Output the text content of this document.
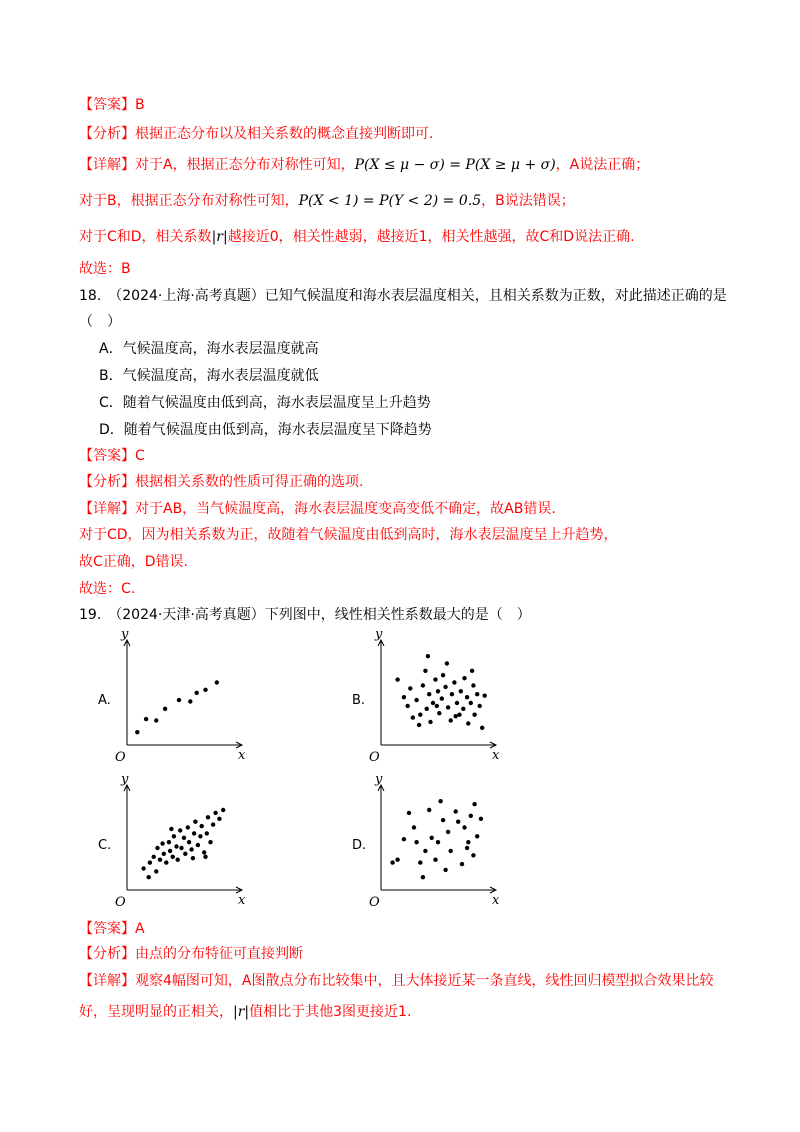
【答案】B
【分析】根据正态分布以及相关系数的概念直接判断即可.
【详解】对于A，根据正态分布对称性可知，P(X ≤ μ − σ) = P(X ≥ μ + σ)，A说法正确；
对于B，根据正态分布对称性可知，P(X < 1) = P(Y < 2) = 0.5，B说法错误；
对于C和D，相关系数|r|越接近0，相关性越弱，越接近1，相关性越强，故C和D说法正确.
故选：B
18.　（2024·上海·高考真题）已知气候温度和海水表层温度相关，且相关系数为正数，对此描述正确的是
（　）
A．气候温度高，海水表层温度就高
B．气候温度高，海水表层温度就低
C．随着气候温度由低到高，海水表层温度呈上升趋势
D．随着气候温度由低到高，海水表层温度呈下降趋势
【答案】C
【分析】根据相关系数的性质可得正确的选项.
【详解】对于AB，当气候温度高，海水表层温度变高变低不确定，故AB错误.
对于CD，因为相关系数为正，故随着气候温度由低到高时，海水表层温度呈上升趋势，
故C正确，D错误.
故选：C.
19.　（2024·天津·高考真题）下列图中，线性相关性系数最大的是（　）
A.
y
x
O
B.
y
x
O
C.
y
x
O
D.
y
x
O
【答案】A
【分析】由点的分布特征可直接判断
【详解】观察4幅图可知，A图散点分布比较集中，且大体接近某一条直线，线性回归模型拟合效果比较
好，呈现明显的正相关，|r|值相比于其他3图更接近1.
